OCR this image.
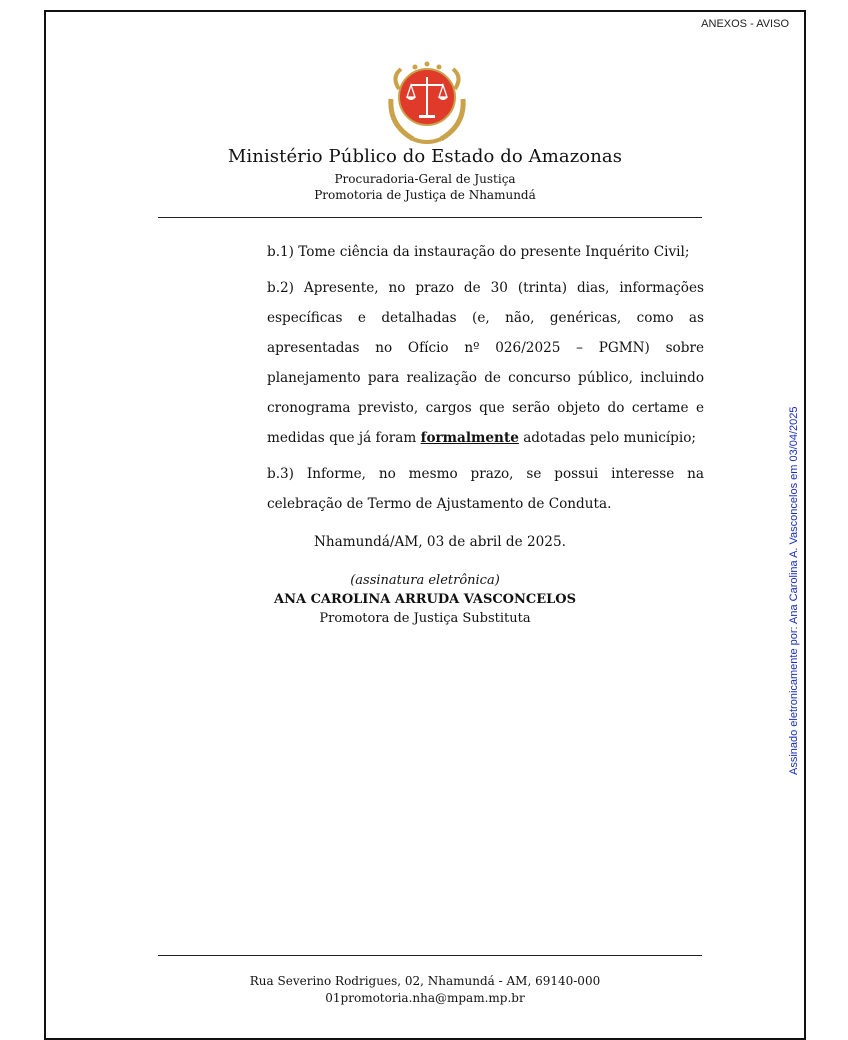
ANEXOS - AVISO
Ministério Público do Estado do Amazonas
Procuradoria-Geral de Justiça
Promotoria de Justiça de Nhamundá

b.1) Tome ciência da instauração do presente Inquérito Civil;

b.2) Apresente, no prazo de 30 (trinta) dias, informações específicas e detalhadas (e, não, genéricas, como as apresentadas no Ofício nº 026/2025 – PGMN) sobre planejamento para realização de concurso público, incluindo cronograma previsto, cargos que serão objeto do certame e medidas que já foram formalmente adotadas pelo município;

b.3) Informe, no mesmo prazo, se possui interesse na celebração de Termo de Ajustamento de Conduta.

Nhamundá/AM, 03 de abril de 2025.
(assinatura eletrônica)
ANA CAROLINA ARRUDA VASCONCELOS
Promotora de Justiça Substituta
Rua Severino Rodrigues, 02, Nhamundá - AM, 69140-000
01promotoria.nha@mpam.mp.br
Assinado eletronicamente por: Ana Carolina A. Vasconcelos em 03/04/2025
